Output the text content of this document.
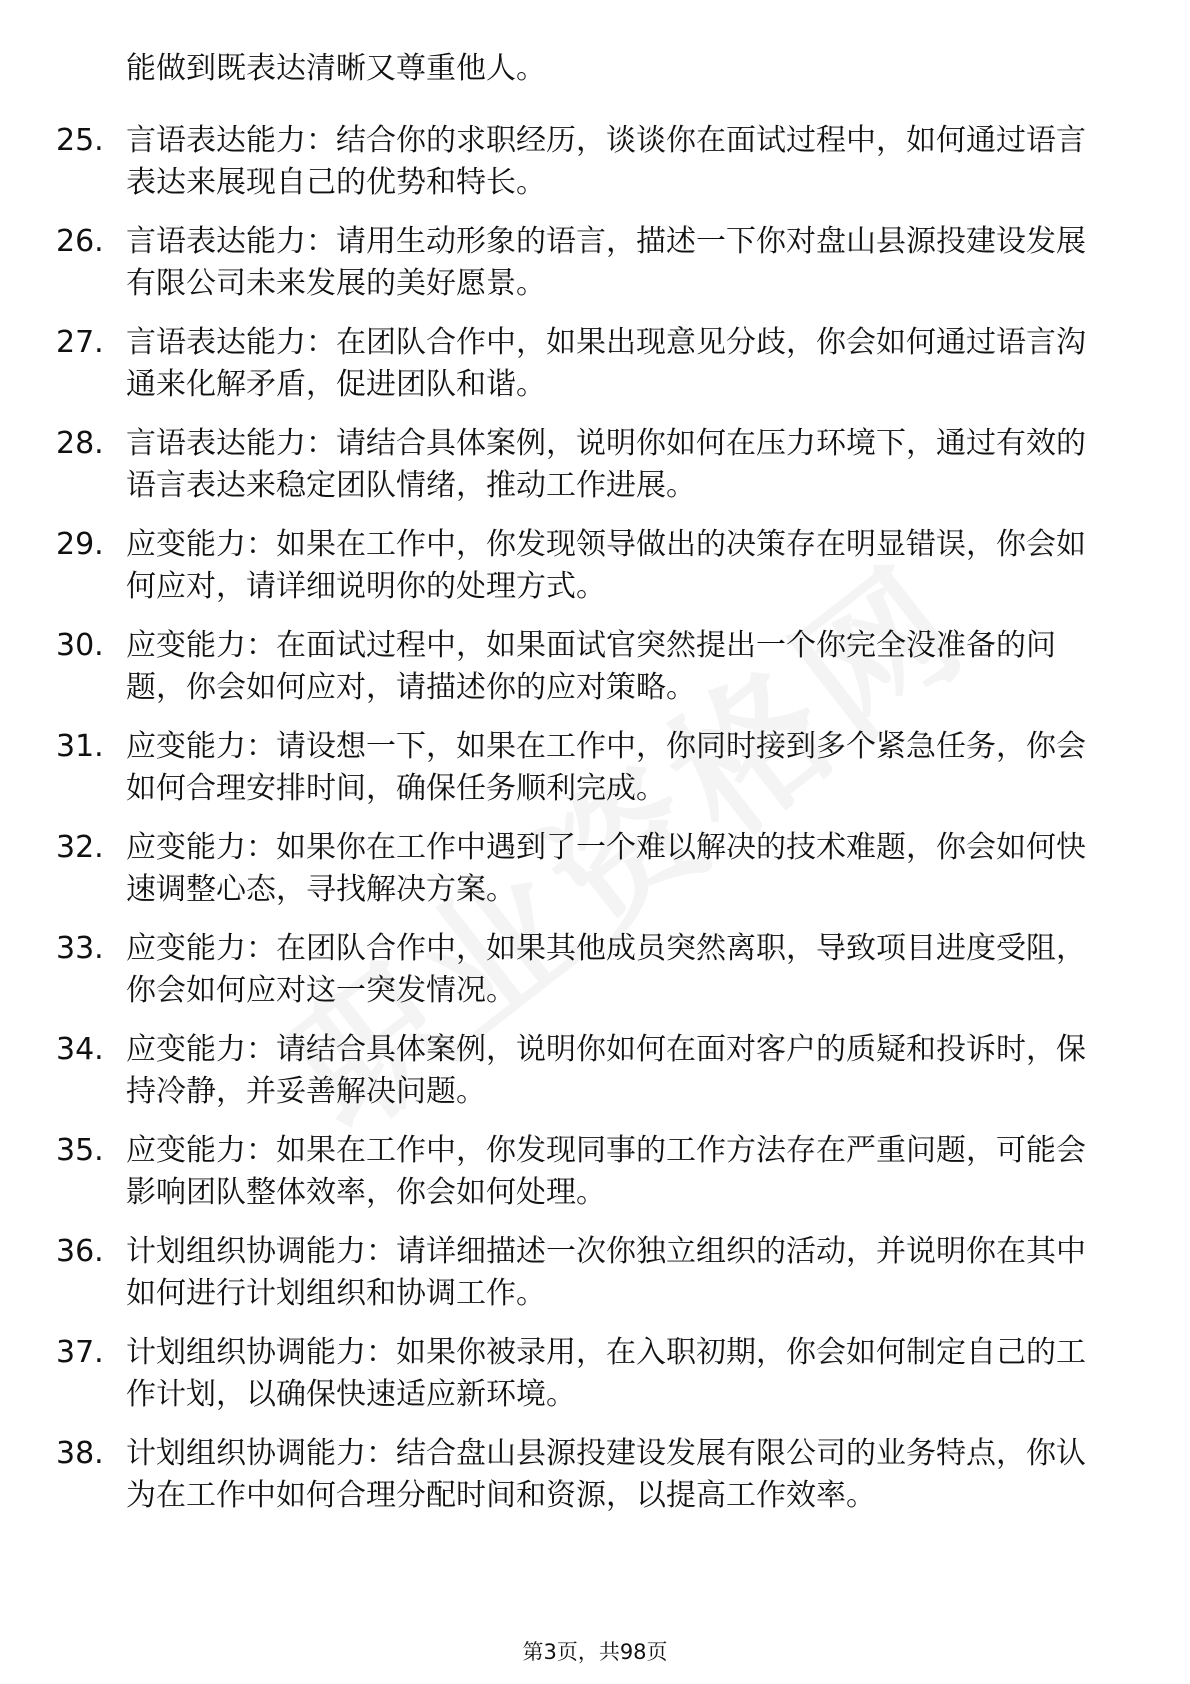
能做到既表达清晰又尊重他人。
25. 言语表达能力：结合你的求职经历，谈谈你在面试过程中，如何通过语言表达来展现自己的优势和特长。
26. 言语表达能力：请用生动形象的语言，描述一下你对盘山县源投建设发展有限公司未来发展的美好愿景。
27. 言语表达能力：在团队合作中，如果出现意见分歧，你会如何通过语言沟通来化解矛盾，促进团队和谐。
28. 言语表达能力：请结合具体案例，说明你如何在压力环境下，通过有效的语言表达来稳定团队情绪，推动工作进展。
29. 应变能力：如果在工作中，你发现领导做出的决策存在明显错误，你会如何应对，请详细说明你的处理方式。
30. 应变能力：在面试过程中，如果面试官突然提出一个你完全没准备的问题，你会如何应对，请描述你的应对策略。
31. 应变能力：请设想一下，如果在工作中，你同时接到多个紧急任务，你会如何合理安排时间，确保任务顺利完成。
32. 应变能力：如果你在工作中遇到了一个难以解决的技术难题，你会如何快速调整心态，寻找解决方案。
33. 应变能力：在团队合作中，如果其他成员突然离职，导致项目进度受阻，你会如何应对这一突发情况。
34. 应变能力：请结合具体案例，说明你如何在面对客户的质疑和投诉时，保持冷静，并妥善解决问题。
35. 应变能力：如果在工作中，你发现同事的工作方法存在严重问题，可能会影响团队整体效率，你会如何处理。
36. 计划组织协调能力：请详细描述一次你独立组织的活动，并说明你在其中如何进行计划组织和协调工作。
37. 计划组织协调能力：如果你被录用，在入职初期，你会如何制定自己的工作计划，以确保快速适应新环境。
38. 计划组织协调能力：结合盘山县源投建设发展有限公司的业务特点，你认为在工作中如何合理分配时间和资源，以提高工作效率。
第3页，共98页
